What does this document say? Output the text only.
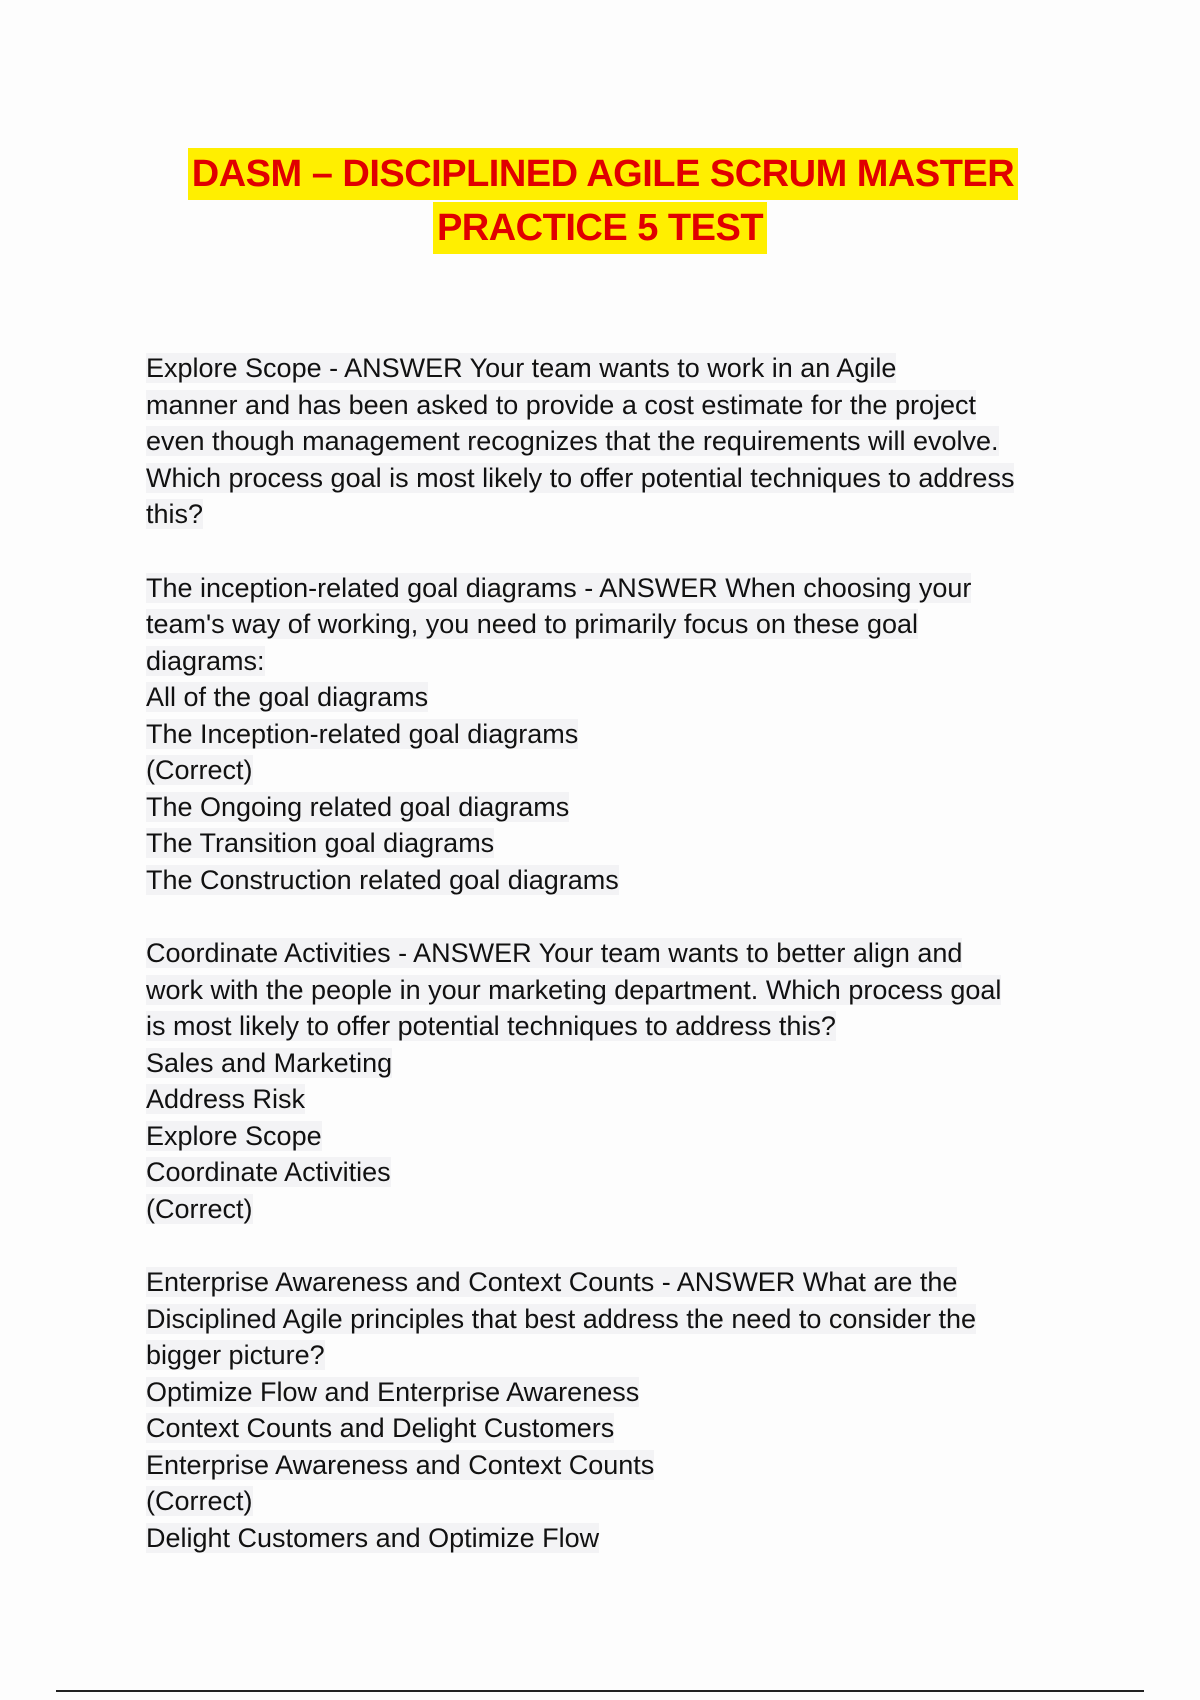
DASM – DISCIPLINED AGILE SCRUM MASTER
PRACTICE 5 TEST
Explore Scope - ANSWER Your team wants to work in an Agile
manner and has been asked to provide a cost estimate for the project
even though management recognizes that the requirements will evolve.
Which process goal is most likely to offer potential techniques to address
this?
The inception-related goal diagrams - ANSWER When choosing your
team's way of working, you need to primarily focus on these goal
diagrams:
All of the goal diagrams
The Inception-related goal diagrams
(Correct)
The Ongoing related goal diagrams
The Transition goal diagrams
The Construction related goal diagrams
Coordinate Activities - ANSWER Your team wants to better align and
work with the people in your marketing department. Which process goal
is most likely to offer potential techniques to address this?
Sales and Marketing
Address Risk
Explore Scope
Coordinate Activities
(Correct)
Enterprise Awareness and Context Counts - ANSWER What are the
Disciplined Agile principles that best address the need to consider the
bigger picture?
Optimize Flow and Enterprise Awareness
Context Counts and Delight Customers
Enterprise Awareness and Context Counts
(Correct)
Delight Customers and Optimize Flow
